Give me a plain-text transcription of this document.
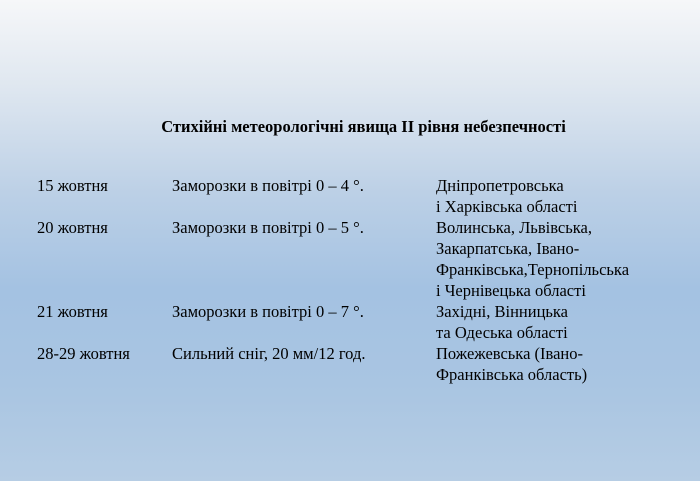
Стихійні метеорологічні явища ІІ рівня небезпечності
15 жовтня	Заморозки в повітрі 0 – 4 °.	Дніпропетровська
і Харківська області
20 жовтня	Заморозки в повітрі 0 – 5 °.	Волинська, Львівська,
Закарпатська, Івано-
Франківська,Тернопільська
і Чернівецька області
21 жовтня	Заморозки в повітрі 0 – 7 °.	Західні, Вінницька
та Одеська області
28-29 жовтня	Сильний сніг, 20 мм/12 год.	Пожежевська (Івано-
Франківська область)
